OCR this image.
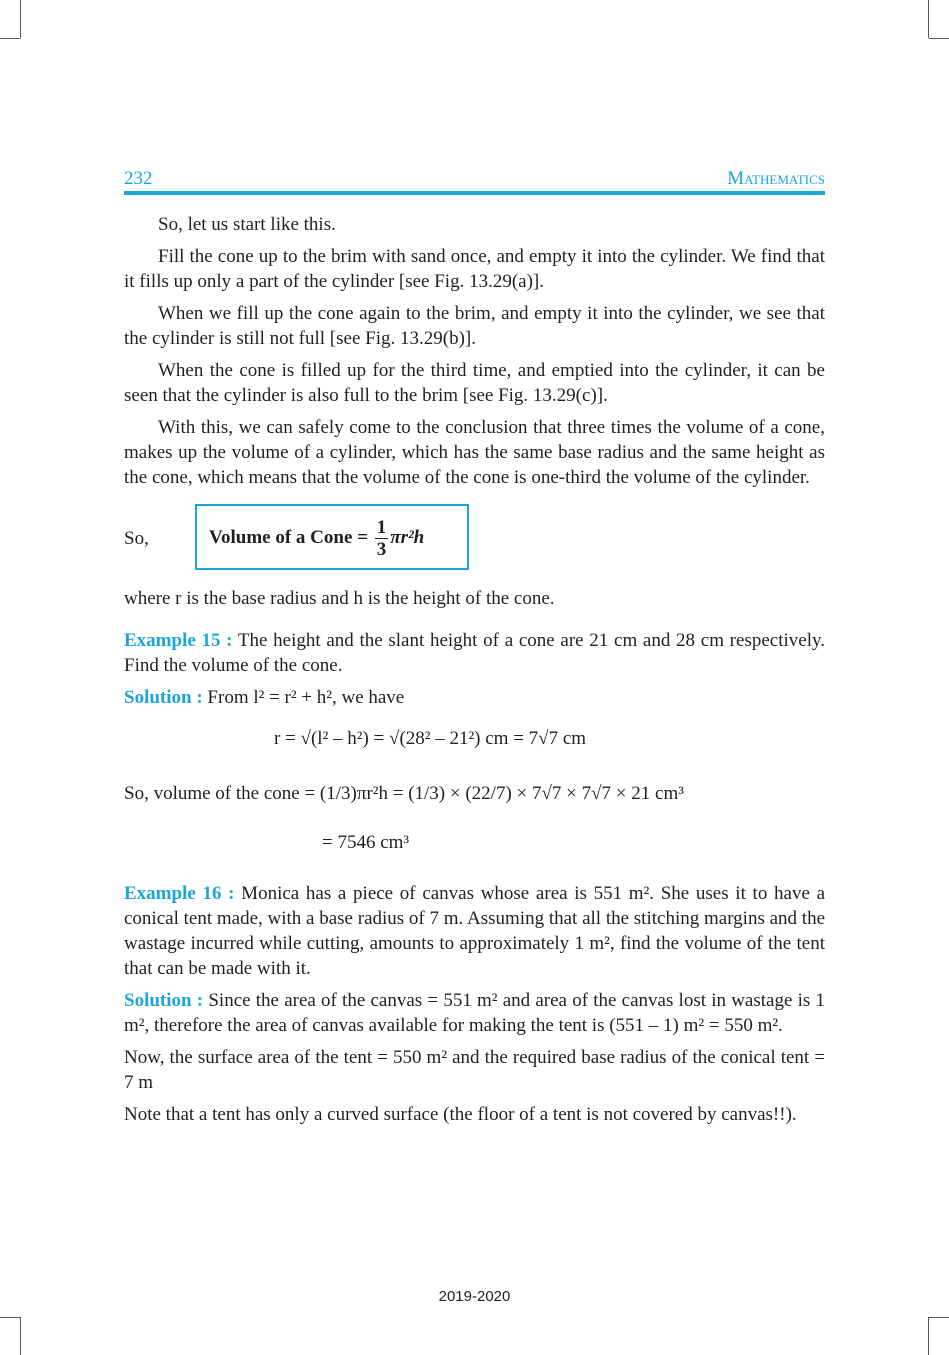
232	Mathematics

So, let us start like this.

Fill the cone up to the brim with sand once, and empty it into the cylinder. We find that it fills up only a part of the cylinder [see Fig. 13.29(a)].

When we fill up the cone again to the brim, and empty it into the cylinder, we see that the cylinder is still not full [see Fig. 13.29(b)].

When the cone is filled up for the third time, and emptied into the cylinder, it can be seen that the cylinder is also full to the brim [see Fig. 13.29(c)].

With this, we can safely come to the conclusion that three times the volume of a cone, makes up the volume of a cylinder, which has the same base radius and the same height as the cone, which means that the volume of the cone is one-third the volume of the cylinder.

So,	Volume of a Cone = $\frac{1}{3} \pi r^2h$

where r is the base radius and h is the height of the cone.

Example 15 : The height and the slant height of a cone are 21 cm and 28 cm respectively. Find the volume of the cone.

Solution : From l² = r² + h², we have

r = √(l² – h²) = √(28² – 21²) cm = 7√7 cm

So, volume of the cone = (1/3)πr²h = (1/3) × (22/7) × 7√7 × 7√7 × 21 cm³

= 7546 cm³

Example 16 : Monica has a piece of canvas whose area is 551 m². She uses it to have a conical tent made, with a base radius of 7 m. Assuming that all the stitching margins and the wastage incurred while cutting, amounts to approximately 1 m², find the volume of the tent that can be made with it.

Solution : Since the area of the canvas = 551 m² and area of the canvas lost in wastage is 1 m², therefore the area of canvas available for making the tent is (551 – 1) m² = 550 m².

Now, the surface area of the tent = 550 m² and the required base radius of the conical tent = 7 m

Note that a tent has only a curved surface (the floor of a tent is not covered by canvas!!).

2019-2020
